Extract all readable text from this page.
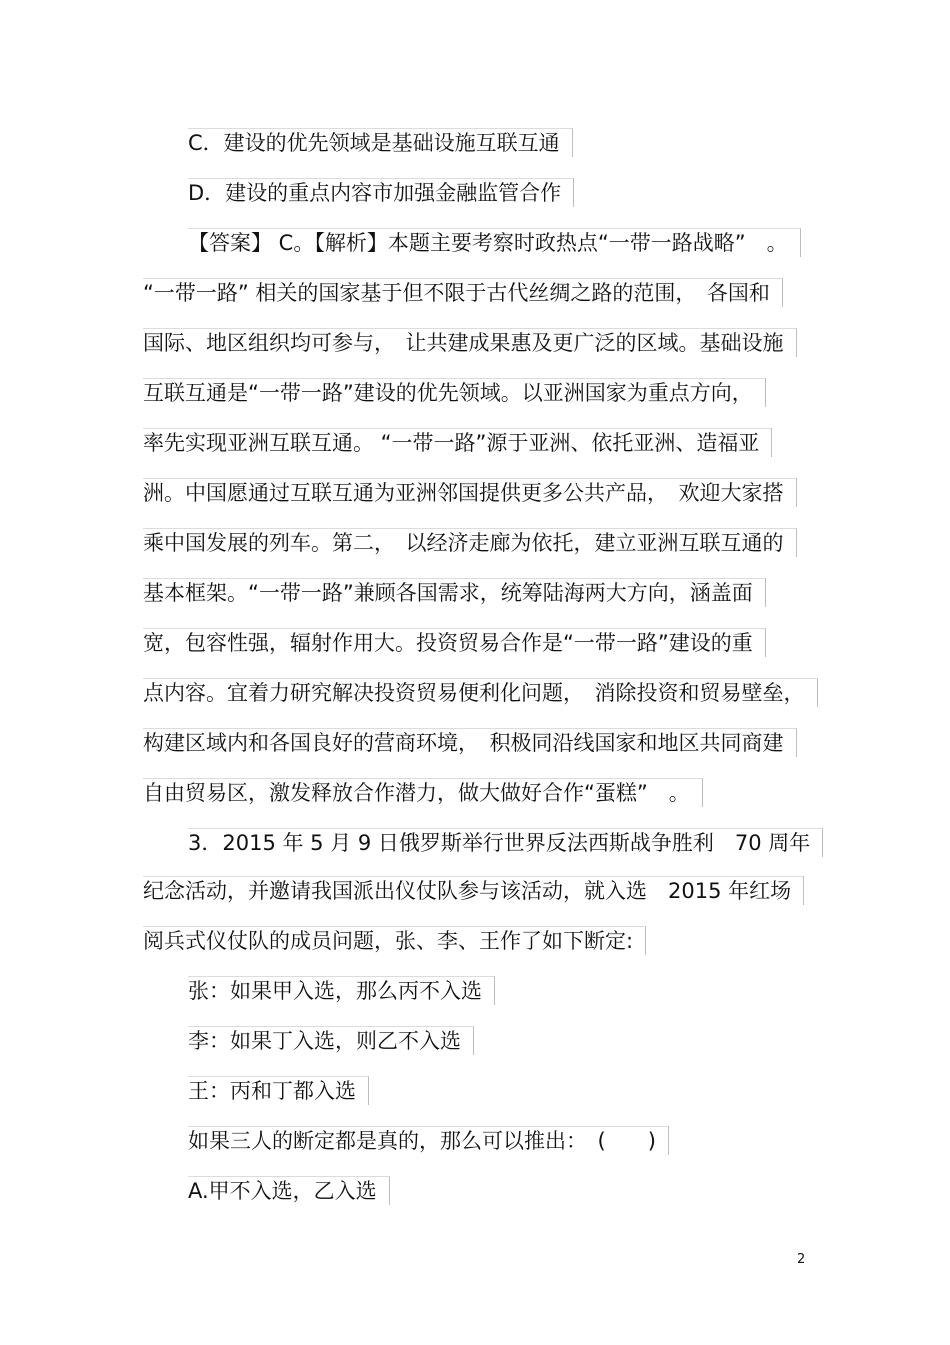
C．建设的优先领域是基础设施互联互通
D．建设的重点内容市加强金融监管合作
【答案】 C。【解析】本题主要考察时政热点“一带一路战略”　。
“一带一路” 相关的国家基于但不限于古代丝绸之路的范围，　各国和
国际、地区组织均可参与，　让共建成果惠及更广泛的区域。基础设施
互联互通是“一带一路”建设的优先领域。以亚洲国家为重点方向，
率先实现亚洲互联互通。 “一带一路”源于亚洲、依托亚洲、造福亚
洲。中国愿通过互联互通为亚洲邻国提供更多公共产品，　欢迎大家搭
乘中国发展的列车。第二，　以经济走廊为依托，建立亚洲互联互通的
基本框架。“一带一路”兼顾各国需求，统筹陆海两大方向，涵盖面
宽，包容性强，辐射作用大。投资贸易合作是“一带一路”建设的重
点内容。宜着力研究解决投资贸易便利化问题，　消除投资和贸易壁垒，
构建区域内和各国良好的营商环境，　积极同沿线国家和地区共同商建
自由贸易区，激发释放合作潜力，做大做好合作“蛋糕”　。
3．2015 年 5 月 9 日俄罗斯举行世界反法西斯战争胜利　70 周年
纪念活动，并邀请我国派出仪仗队参与该活动，就入选　2015 年红场
阅兵式仪仗队的成员问题，张、李、王作了如下断定:
张：如果甲入选，那么丙不入选
李：如果丁入选，则乙不入选
王：丙和丁都入选
如果三人的断定都是真的，那么可以推出：　(　　)
A.甲不入选，乙入选
2
